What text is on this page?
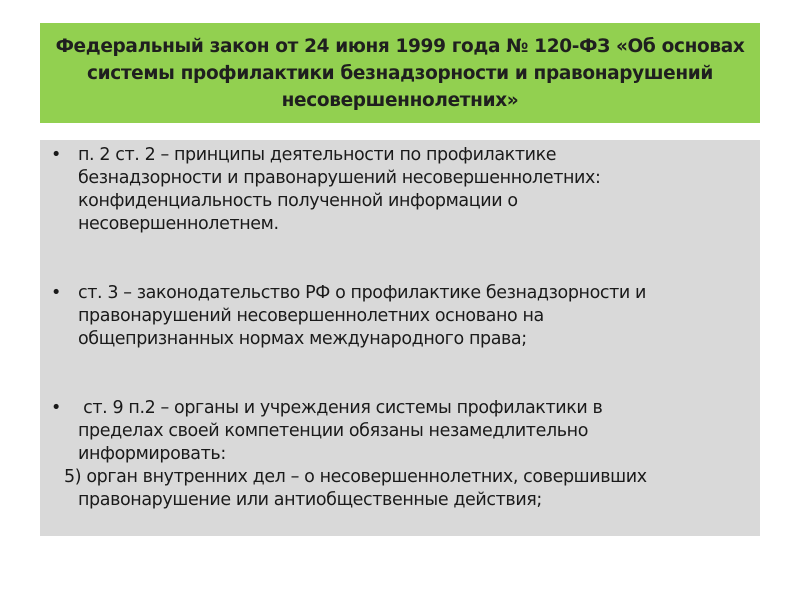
Федеральный закон от 24 июня 1999 года № 120-ФЗ «Об основах
системы профилактики безнадзорности и правонарушений
несовершеннолетних»
• п. 2 ст. 2 – принципы деятельности по профилактике
безнадзорности и правонарушений несовершеннолетних:
конфиденциальность полученной информации о
несовершеннолетнем.
• ст. 3 – законодательство РФ о профилактике безнадзорности и
правонарушений несовершеннолетних основано на
общепризнанных нормах международного права;
• ст. 9 п.2 – органы и учреждения системы профилактики в
пределах своей компетенции обязаны незамедлительно
информировать:
5) орган внутренних дел – о несовершеннолетних, совершивших
правонарушение или антиобщественные действия;
